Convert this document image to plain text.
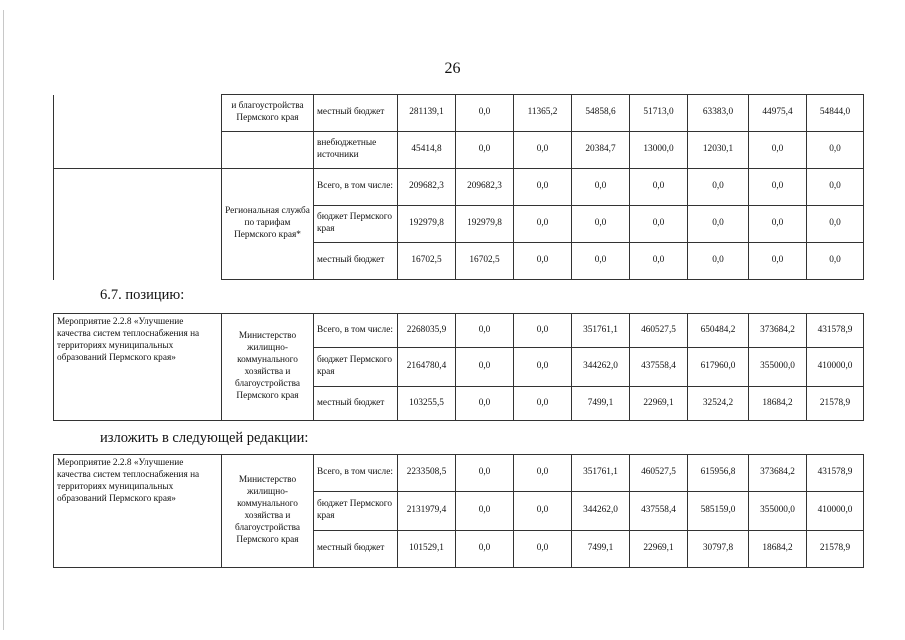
26
	и благоустройства Пермского края	местный бюджет	281139,1	0,0	11365,2	54858,6	51713,0	63383,0	44975,4	54844,0
		внебюджетные источники	45414,8	0,0	0,0	20384,7	13000,0	12030,1	0,0	0,0
	Региональная служба по тарифам Пермского края*	Всего, в том числе:	209682,3	209682,3	0,0	0,0	0,0	0,0	0,0	0,0
		бюджет Пермского края	192979,8	192979,8	0,0	0,0	0,0	0,0	0,0	0,0
		местный бюджет	16702,5	16702,5	0,0	0,0	0,0	0,0	0,0	0,0
6.7. позицию:
Мероприятие 2.2.8 «Улучшение качества систем теплоснабжения на территориях муниципальных образований Пермского края»	Министерство жилищно-коммунального хозяйства и благоустройства Пермского края	Всего, в том числе:	2268035,9	0,0	0,0	351761,1	460527,5	650484,2	373684,2	431578,9
		бюджет Пермского края	2164780,4	0,0	0,0	344262,0	437558,4	617960,0	355000,0	410000,0
		местный бюджет	103255,5	0,0	0,0	7499,1	22969,1	32524,2	18684,2	21578,9
изложить в следующей редакции:
Мероприятие 2.2.8 «Улучшение качества систем теплоснабжения на территориях муниципальных образований Пермского края»	Министерство жилищно-коммунального хозяйства и благоустройства Пермского края	Всего, в том числе:	2233508,5	0,0	0,0	351761,1	460527,5	615956,8	373684,2	431578,9
		бюджет Пермского края	2131979,4	0,0	0,0	344262,0	437558,4	585159,0	355000,0	410000,0
		местный бюджет	101529,1	0,0	0,0	7499,1	22969,1	30797,8	18684,2	21578,9
